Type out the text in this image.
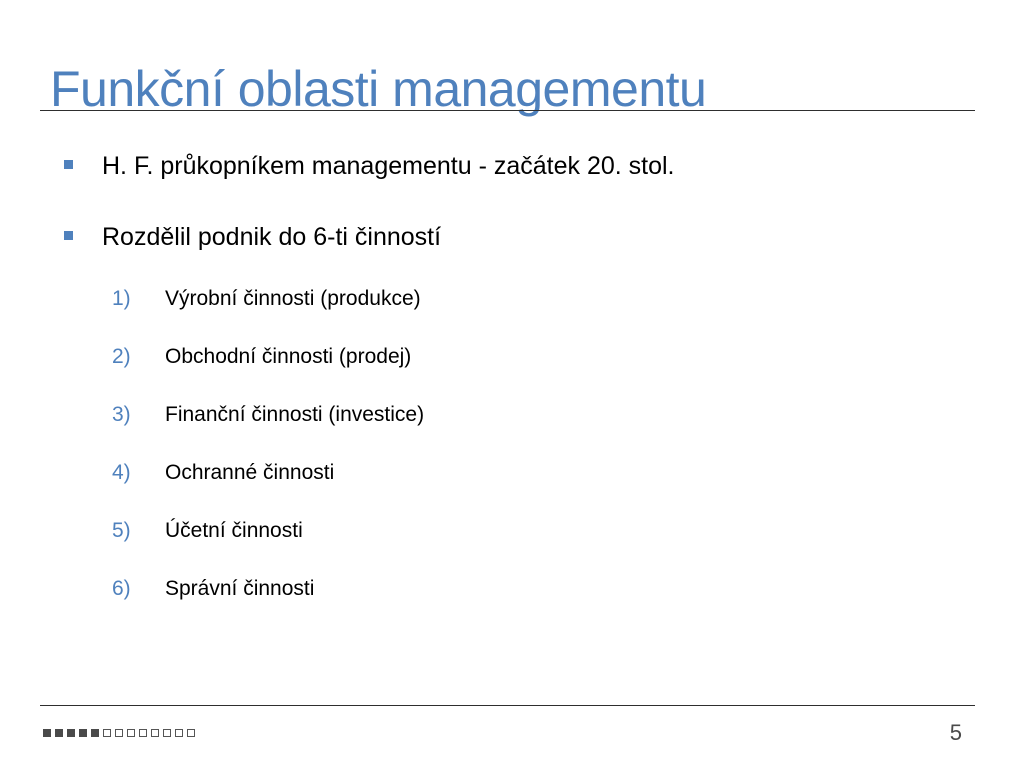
Funkční oblasti managementu
H. F. průkopníkem managementu - začátek 20. stol.
Rozdělil podnik do 6-ti činností
1)	Výrobní činnosti (produkce)
2)	Obchodní činnosti (prodej)
3)	Finanční činnosti (investice)
4)	Ochranné činnosti
5)	Účetní činnosti
6)	Správní činnosti
5
